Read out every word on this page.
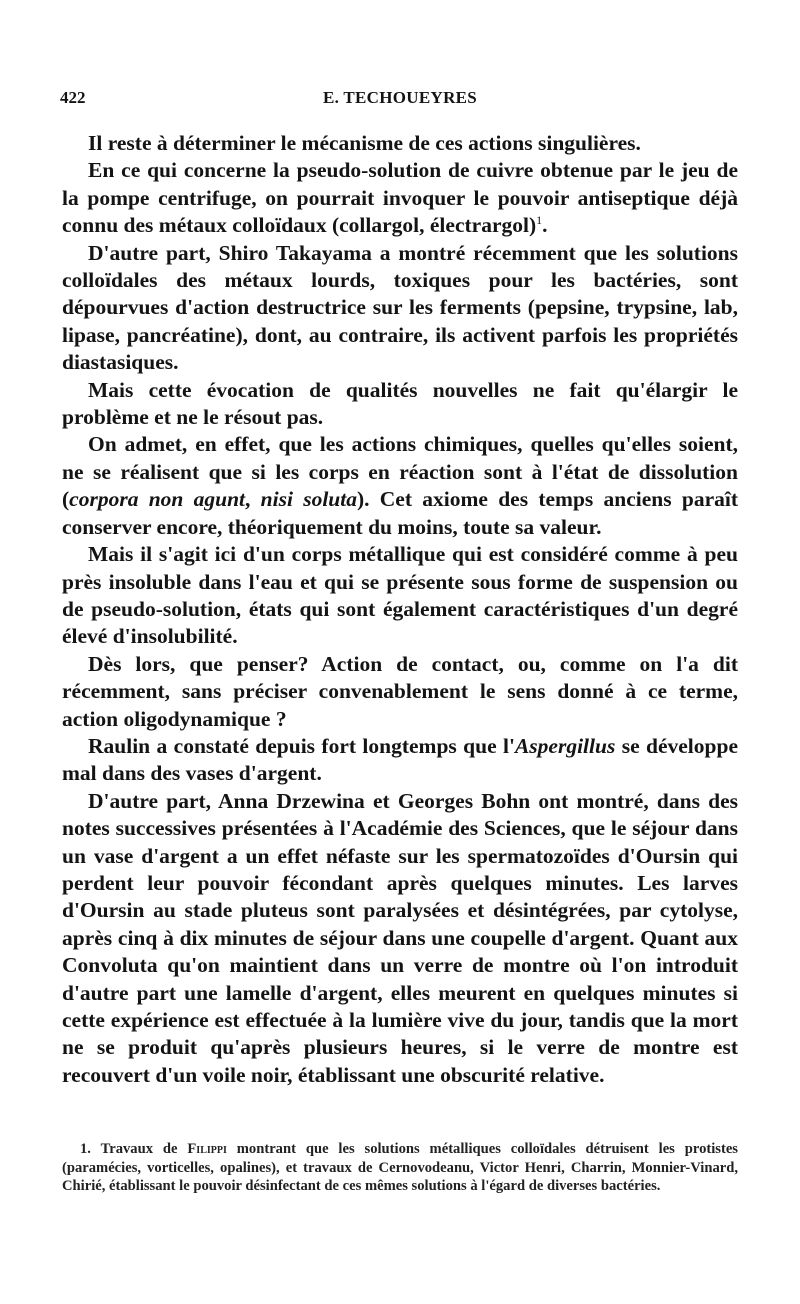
422	E. TECHOUEYRES

Il reste à déterminer le mécanisme de ces actions singulières.

En ce qui concerne la pseudo-solution de cuivre obtenue par le jeu de la pompe centrifuge, on pourrait invoquer le pouvoir antiseptique déjà connu des métaux colloïdaux (collargol, électrargol)$^1$.

D'autre part, Shiro Takayama a montré récemment que les solutions colloïdales des métaux lourds, toxiques pour les bactéries, sont dépourvues d'action destructrice sur les ferments (pepsine, trypsine, lab, lipase, pancréatine), dont, au contraire, ils activent parfois les propriétés diastasiques.

Mais cette évocation de qualités nouvelles ne fait qu'élargir le problème et ne le résout pas.

On admet, en effet, que les actions chimiques, quelles qu'elles soient, ne se réalisent que si les corps en réaction sont à l'état de dissolution (corpora non agunt, nisi soluta). Cet axiome des temps anciens paraît conserver encore, théoriquement du moins, toute sa valeur.

Mais il s'agit ici d'un corps métallique qui est considéré comme à peu près insoluble dans l'eau et qui se présente sous forme de suspension ou de pseudo-solution, états qui sont également caractéristiques d'un degré élevé d'insolubilité.

Dès lors, que penser? Action de contact, ou, comme on l'a dit récemment, sans préciser convenablement le sens donné à ce terme, action oligodynamique ?

Raulin a constaté depuis fort longtemps que l'Aspergillus se développe mal dans des vases d'argent.

D'autre part, Anna Drzewina et Georges Bohn ont montré, dans des notes successives présentées à l'Académie des Sciences, que le séjour dans un vase d'argent a un effet néfaste sur les spermatozoïdes d'Oursin qui perdent leur pouvoir fécondant après quelques minutes. Les larves d'Oursin au stade pluteus sont paralysées et désintégrées, par cytolyse, après cinq à dix minutes de séjour dans une coupelle d'argent. Quant aux Convoluta qu'on maintient dans un verre de montre où l'on introduit d'autre part une lamelle d'argent, elles meurent en quelques minutes si cette expérience est effectuée à la lumière vive du jour, tandis que la mort ne se produit qu'après plusieurs heures, si le verre de montre est recouvert d'un voile noir, établissant une obscurité relative.

1. Travaux de Filippi montrant que les solutions métalliques colloïdales détruisent les protistes (paramécies, vorticelles, opalines), et travaux de Cernovodeanu, Victor Henri, Charrin, Monnier-Vinard, Chirié, établissant le pouvoir désinfectant de ces mêmes solutions à l'égard de diverses bactéries.
